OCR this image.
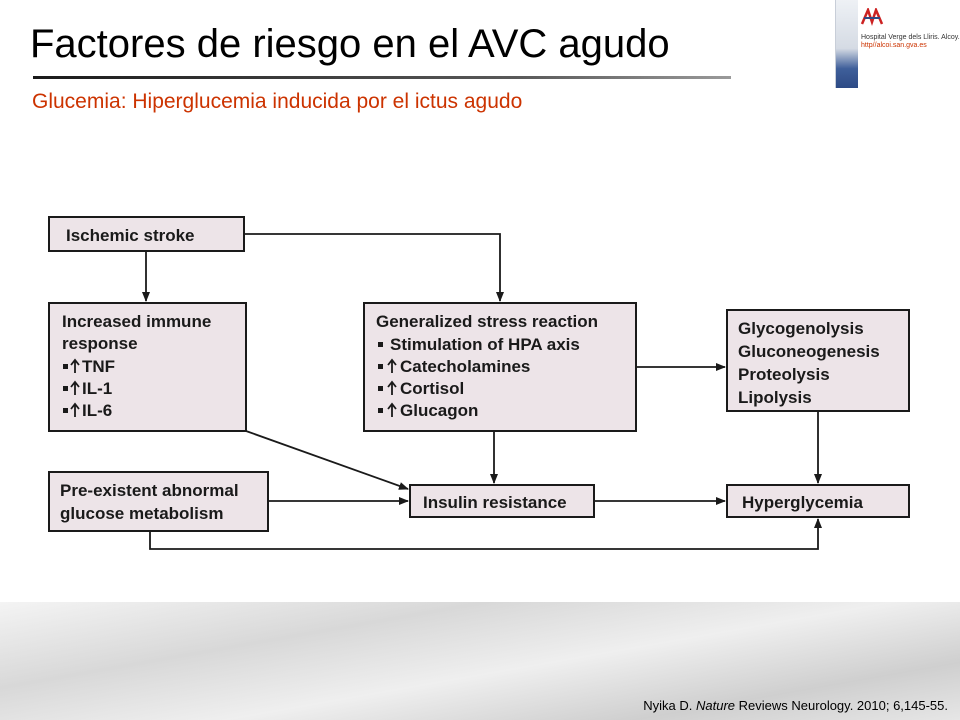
Factores de riesgo en el AVC agudo
Glucemia: Hiperglucemia inducida por el ictus agudo
Hospital Verge dels Lliris. Alcoy.
http//alcoi.san.gva.es
Ischemic stroke
Increased immune
response
TNF
IL-1
IL-6
Generalized stress reaction
Stimulation of HPA axis
Catecholamines
Cortisol
Glucagon
Glycogenolysis
Gluconeogenesis
Proteolysis
Lipolysis
Pre-existent abnormal
glucose metabolism
Insulin resistance	Hyperglycemia
Nyika D. Nature Reviews Neurology. 2010; 6,145-55.
